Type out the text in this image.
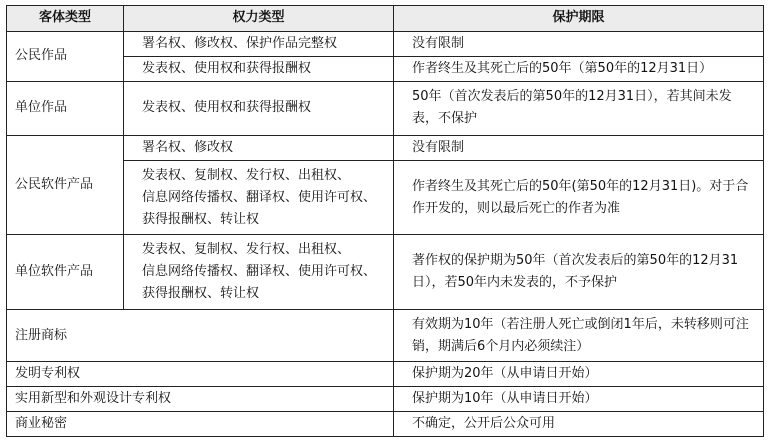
客体类型	权力类型	保护期限
公民作品	署名权、修改权、保护作品完整权	没有限制
	发表权、使用权和获得报酬权	作者终生及其死亡后的50年（第50年的12月31日）
单位作品	发表权、使用权和获得报酬权	50年（首次发表后的第50年的12月31日），若其间未发表，不保护

公民软件产品	署名权、修改权	没有限制

	发表权、复制权、发行权、出租权、
信息网络传播权、翻译权、使用许可权、
获得报酬权、转让权	作者终生及其死亡后的50年(第50年的12月31日)。对于合作开发的，则以最后死亡的作者为准

单位软件产品	发表权、复制权、发行权、出租权、
信息网络传播权、翻译权、使用许可权、
获得报酬权、转让权	著作权的保护期为50年（首次发表后的第50年的12月31日），若50年内未发表的，不予保护

注册商标		有效期为10年（若注册人死亡或倒闭1年后，未转移则可注销，期满后6个月内必须续注）

发明专利权		保护期为20年（从申请日开始）
实用新型和外观设计专利权		保护期为10年（从申请日开始）
商业秘密		不确定，公开后公众可用
